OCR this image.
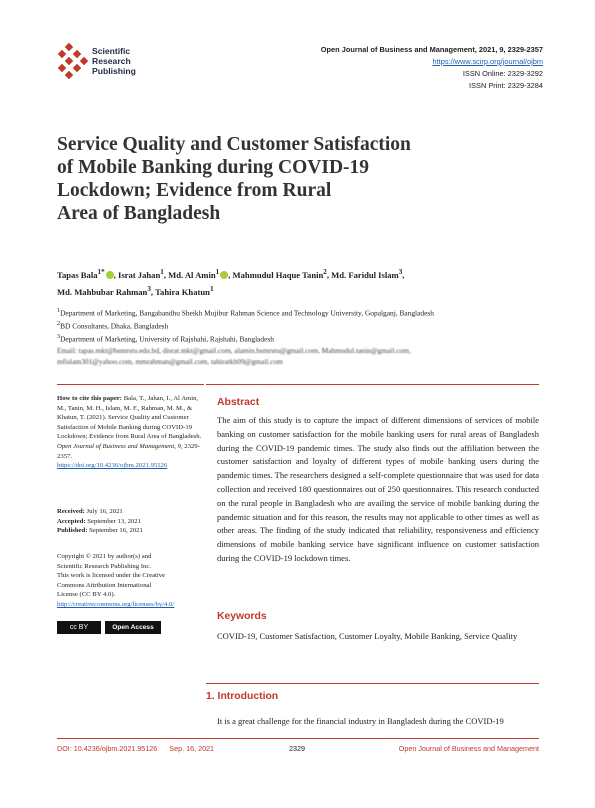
Scientific
Research
Publishing
Open Journal of Business and Management, 2021, 9, 2329-2357
https://www.scirp.org/journal/ojbm
ISSN Online: 2329-3292
ISSN Print: 2329-3284
Service Quality and Customer Satisfaction
of Mobile Banking during COVID-19
Lockdown; Evidence from Rural
Area of Bangladesh
Tapas Bala$^{1*}$ , Israt Jahan$^1$, Md. Al Amin$^1$ , Mahmudul Haque Tanin$^2$, Md. Faridul Islam$^3$,
Md. Mahbubar Rahman$^3$, Tahira Khatun$^1$
$^1$Department of Marketing, Bangabandhu Sheikh Mujibur Rahman Science and Technology University, Gopalganj, Bangladesh
$^2$BD Consultants, Dhaka, Bangladesh
$^3$Department of Marketing, University of Rajshahi, Rajshahi, Bangladesh
Email: tapas.mkt@bsmrstu.edu.bd, disrat.mkt@gmail.com, alamin.bsmrstu@gmail.com, Mahmudul.tanin@gmail.com,
mfislam301@yahoo.com, mmrahman@gmail.com, tahiratkh09@gmail.com
How to cite this paper: Bala, T., Jahan, I., Al Amin, M., Tanin, M. H., Islam, M. F., Rahman, M. M., & Khatun, T. (2021). Service Quality and Customer Satisfaction of Mobile Banking during COVID-19 Lockdown; Evidence from Rural Area of Bangladesh. Open Journal of Business and Management, 9, 2329-2357.
https://doi.org/10.4236/ojbm.2021.95126
Received: July 16, 2021
Accepted: September 13, 2021
Published: September 16, 2021
Copyright © 2021 by author(s) and
Scientific Research Publishing Inc.
This work is licensed under the Creative
Commons Attribution International
License (CC BY 4.0).
http://creativecommons.org/licenses/by/4.0/
cc BY	Open Access
Abstract
The aim of this study is to capture the impact of different dimensions of services of mobile banking on customer satisfaction for the mobile banking users for rural areas of Bangladesh during the COVID-19 pandemic times. The study also finds out the affiliation between the customer satisfaction and loyalty of different types of mobile banking users during the pandemic times. The researchers designed a self-complete questionnaire that was used for data collection and received 180 questionnaires out of 250 questionnaires. This research conducted on the rural people in Bangladesh who are availing the service of mobile banking during the pandemic situation and for this reason, the results may not applicable to other times as well as other areas. The finding of the study indicated that reliability, responsiveness and efficiency dimensions of mobile banking service have significant influence on customer satisfaction during the COVID-19 lockdown times.
Keywords
COVID-19, Customer Satisfaction, Customer Loyalty, Mobile Banking, Service Quality
1. Introduction
It is a great challenge for the financial industry in Bangladesh during the COVID-19
DOI: 10.4236/ojbm.2021.95126 Sep. 16, 2021	2329	Open Journal of Business and Management
